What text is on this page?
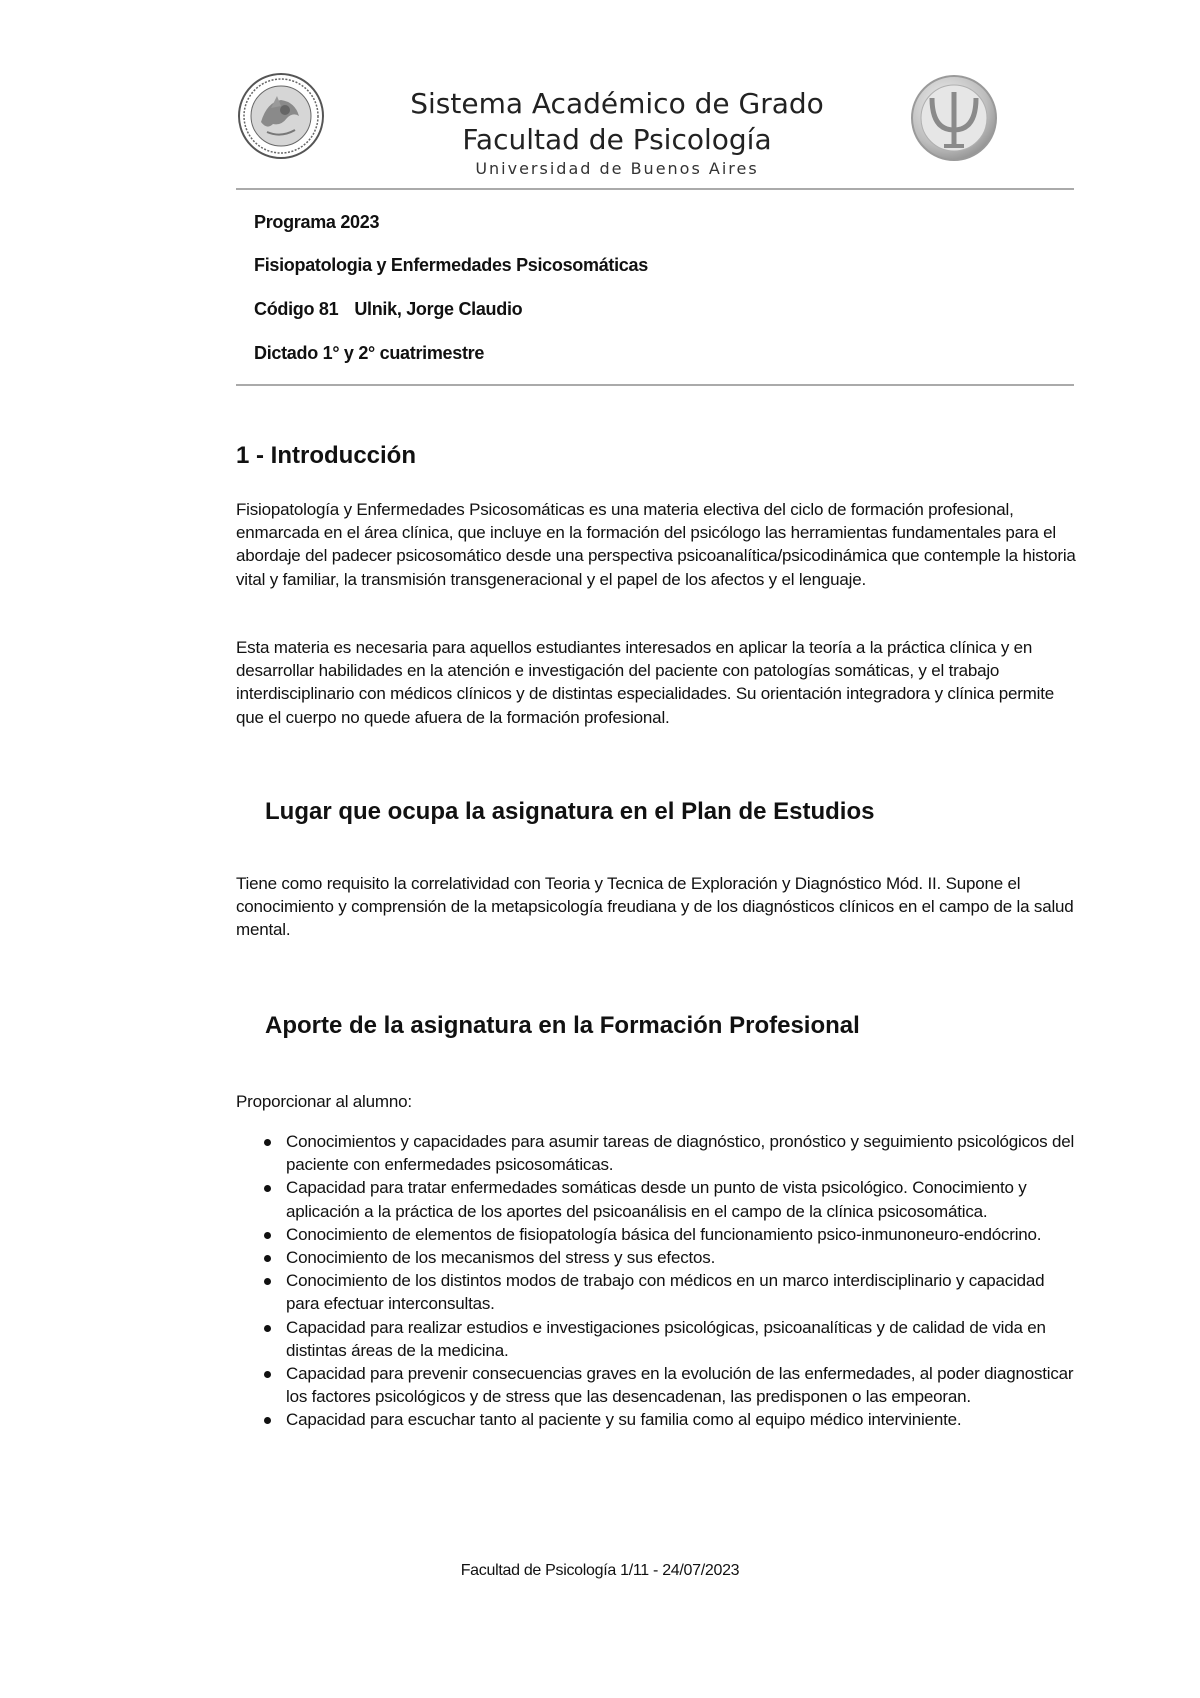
Sistema Académico de Grado
Facultad de Psicología
Universidad de Buenos Aires
Programa 2023
Fisiopatologia y Enfermedades Psicosomáticas
Código 81 Ulnik, Jorge Claudio
Dictado 1° y 2° cuatrimestre
1 - Introducción

Fisiopatología y Enfermedades Psicosomáticas es una materia electiva del ciclo de formación profesional, enmarcada en el área clínica, que incluye en la formación del psicólogo las herramientas fundamentales para el abordaje del padecer psicosomático desde una perspectiva psicoanalítica/psicodinámica que contemple la historia vital y familiar, la transmisión transgeneracional y el papel de los afectos y el lenguaje.

Esta materia es necesaria para aquellos estudiantes interesados en aplicar la teoría a la práctica clínica y en desarrollar habilidades en la atención e investigación del paciente con patologías somáticas, y el trabajo interdisciplinario con médicos clínicos y de distintas especialidades. Su orientación integradora y clínica permite que el cuerpo no quede afuera de la formación profesional.

Lugar que ocupa la asignatura en el Plan de Estudios

Tiene como requisito la correlatividad con Teoria y Tecnica de Exploración y Diagnóstico Mód. II. Supone el conocimiento y comprensión de la metapsicología freudiana y de los diagnósticos clínicos en el campo de la salud mental.

Aporte de la asignatura en la Formación Profesional

Proporcionar al alumno:

Conocimientos y capacidades para asumir tareas de diagnóstico, pronóstico y seguimiento psicológicos del paciente con enfermedades psicosomáticas.
Capacidad para tratar enfermedades somáticas desde un punto de vista psicológico. Conocimiento y aplicación a la práctica de los aportes del psicoanálisis en el campo de la clínica psicosomática.
Conocimiento de elementos de fisiopatología básica del funcionamiento psico-inmunoneuro-endócrino.
Conocimiento de los mecanismos del stress y sus efectos.
Conocimiento de los distintos modos de trabajo con médicos en un marco interdisciplinario y capacidad para efectuar interconsultas.
Capacidad para realizar estudios e investigaciones psicológicas, psicoanalíticas y de calidad de vida en distintas áreas de la medicina.
Capacidad para prevenir consecuencias graves en la evolución de las enfermedades, al poder diagnosticar los factores psicológicos y de stress que las desencadenan, las predisponen o las empeoran.
Capacidad para escuchar tanto al paciente y su familia como al equipo médico interviniente.
Facultad de Psicología 1/11 - 24/07/2023
